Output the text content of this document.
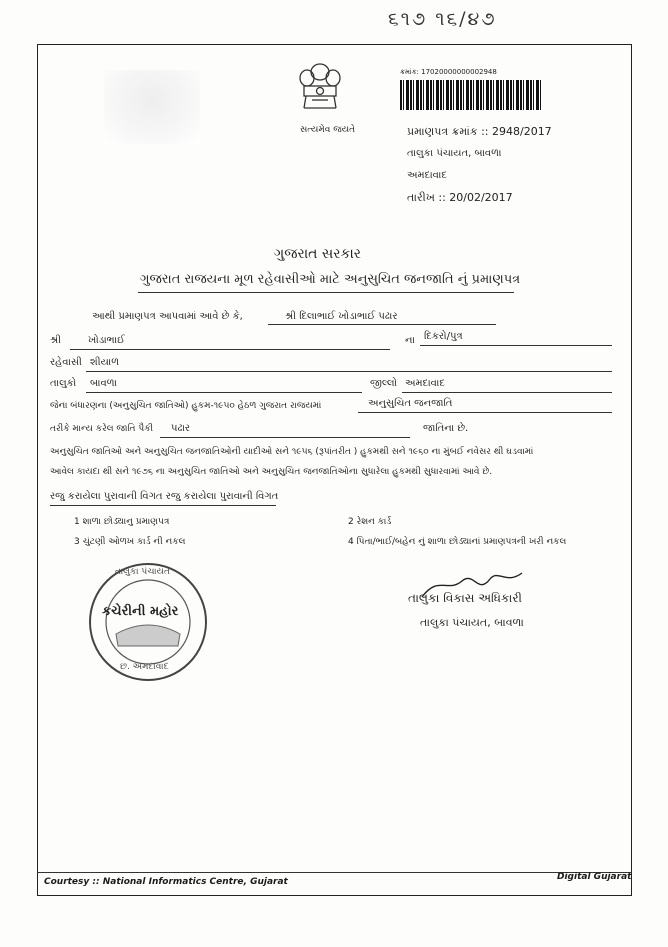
૬૧૭ ૧૬/૪૭
સત્યમેવ જયતે
ક્રમાંક: 17020000000002948
પ્રમાણપત્ર ક્રમાંક :: 2948/2017
તાલુકા પંચાયત, બાવળા
અમદાવાદ
તારીખ :: 20/02/2017
ગુજરાત સરકાર
ગુજરાત રાજયના મૂળ રહેવાસીઓ માટે અનુસુચિત જનજાતિ નું પ્રમાણપત્ર
આથી પ્રમાણપત્ર આપવામાં આવે છે કે,	શ્રી દિલાભાઈ ખોડાભાઈ પઢાર
શ્રી	ખોડાભાઈ	ના દિકરો/પુત્ર
રહેવાસી શીયાળ
તાલુકો બાવળા	જીલ્લો અમદાવાદ
જેના બંધારણના (અનુસુચિત જાતિઓ) હુકમ-૧૯૫૦ હેઠળ ગુજરાત રાજયમાં	અનુસુચિત જનજાતિ
તરીકે માન્ય કરેલ જાતિ પૈકી પઢાર	જાતિના છે.
અનુસુચિત જાતિઓ અને અનુસુચિત જનજાતિઓની યાદીઓ સને ૧૯૫૬ (રૂપાંતરીત ) હુકમથી સને ૧૯૬૦ ના મુંબઈ નવેસર થી ઘડવામાં
આવેલ કાયદા થી સને ૧૯૭૬ ના અનુસુચિત જાતિઓ અને અનુસુચિત જનજાતિઓના સુધારેલા હુકમથી સુધારવામાં આવે છે.
રજુ કરાયેલા પુરાવાની વિગત રજુ કરાયેલા પુરાવાની વિગત
1 શાળા છોડ્યાનુ પ્રમાણપત્ર	2 રેશન કાર્ડ
3 ચુંટણી ઓળખ કાર્ડ ની નકલ	4 પિતા/ભાઈ/બહેન નું શાળા છોડ્યાનાં પ્રમાણપત્રની ખરી નકલ
તાલુકા પંચાયત
કચેરીની મહોર
છ. અમદાવાદ
તાલુકા વિકાસ અધિકારી
તાલુકા પંચાયત, બાવળા
Courtesy :: National Informatics Centre, Gujarat	Digital Gujarat
